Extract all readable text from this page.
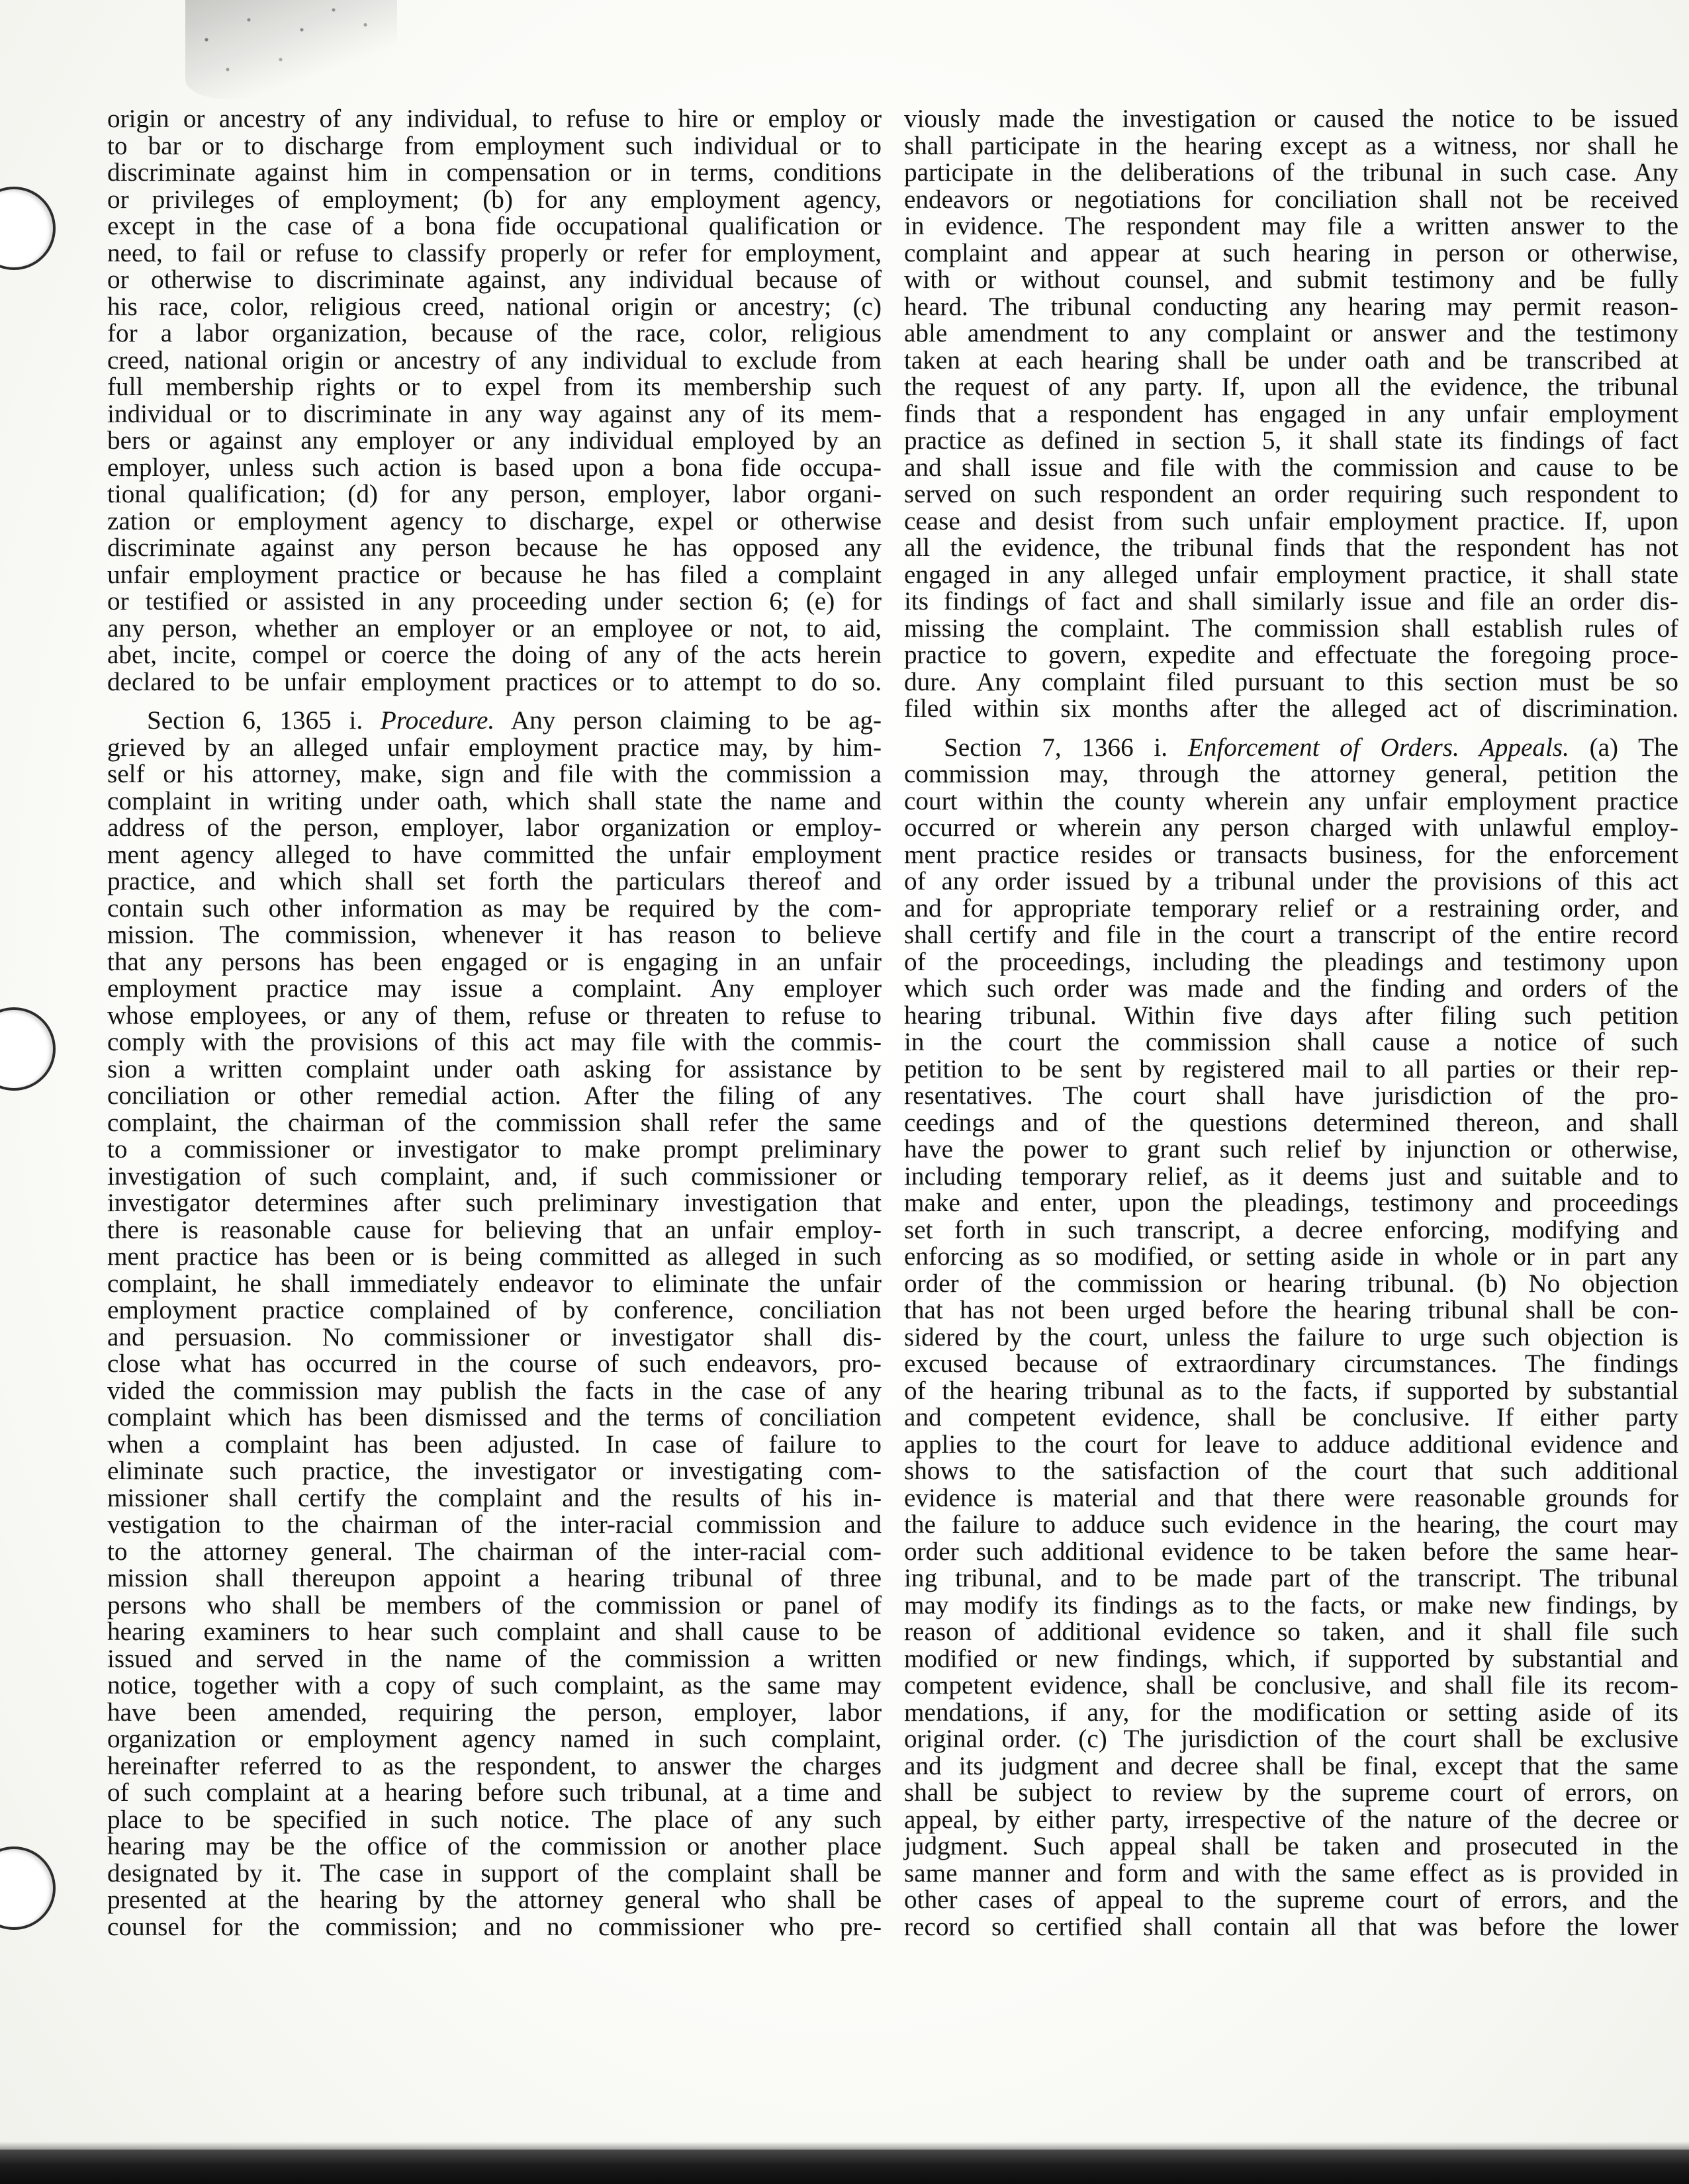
origin or ancestry of any individual, to refuse to hire or employ or
to bar or to discharge from employment such individual or to
discriminate against him in compensation or in terms, conditions
or privileges of employment; (b) for any employment agency,
except in the case of a bona fide occupational qualification or
need, to fail or refuse to classify properly or refer for employment,
or otherwise to discriminate against, any individual because of
his race, color, religious creed, national origin or ancestry; (c)
for a labor organization, because of the race, color, religious
creed, national origin or ancestry of any individual to exclude from
full membership rights or to expel from its membership such
individual or to discriminate in any way against any of its mem-
bers or against any employer or any individual employed by an
employer, unless such action is based upon a bona fide occupa-
tional qualification; (d) for any person, employer, labor organi-
zation or employment agency to discharge, expel or otherwise
discriminate against any person because he has opposed any
unfair employment practice or because he has filed a complaint
or testified or assisted in any proceeding under section 6; (e) for
any person, whether an employer or an employee or not, to aid,
abet, incite, compel or coerce the doing of any of the acts herein
declared to be unfair employment practices or to attempt to do so.
Section 6, 1365 i. Procedure. Any person claiming to be ag-
grieved by an alleged unfair employment practice may, by him-
self or his attorney, make, sign and file with the commission a
complaint in writing under oath, which shall state the name and
address of the person, employer, labor organization or employ-
ment agency alleged to have committed the unfair employment
practice, and which shall set forth the particulars thereof and
contain such other information as may be required by the com-
mission. The commission, whenever it has reason to believe
that any persons has been engaged or is engaging in an unfair
employment practice may issue a complaint. Any employer
whose employees, or any of them, refuse or threaten to refuse to
comply with the provisions of this act may file with the commis-
sion a written complaint under oath asking for assistance by
conciliation or other remedial action. After the filing of any
complaint, the chairman of the commission shall refer the same
to a commissioner or investigator to make prompt preliminary
investigation of such complaint, and, if such commissioner or
investigator determines after such preliminary investigation that
there is reasonable cause for believing that an unfair employ-
ment practice has been or is being committed as alleged in such
complaint, he shall immediately endeavor to eliminate the unfair
employment practice complained of by conference, conciliation
and persuasion. No commissioner or investigator shall dis-
close what has occurred in the course of such endeavors, pro-
vided the commission may publish the facts in the case of any
complaint which has been dismissed and the terms of conciliation
when a complaint has been adjusted. In case of failure to
eliminate such practice, the investigator or investigating com-
missioner shall certify the complaint and the results of his in-
vestigation to the chairman of the inter-racial commission and
to the attorney general. The chairman of the inter-racial com-
mission shall thereupon appoint a hearing tribunal of three
persons who shall be members of the commission or panel of
hearing examiners to hear such complaint and shall cause to be
issued and served in the name of the commission a written
notice, together with a copy of such complaint, as the same may
have been amended, requiring the person, employer, labor
organization or employment agency named in such complaint,
hereinafter referred to as the respondent, to answer the charges
of such complaint at a hearing before such tribunal, at a time and
place to be specified in such notice. The place of any such
hearing may be the office of the commission or another place
designated by it. The case in support of the complaint shall be
presented at the hearing by the attorney general who shall be
counsel for the commission; and no commissioner who pre-
viously made the investigation or caused the notice to be issued
shall participate in the hearing except as a witness, nor shall he
participate in the deliberations of the tribunal in such case. Any
endeavors or negotiations for conciliation shall not be received
in evidence. The respondent may file a written answer to the
complaint and appear at such hearing in person or otherwise,
with or without counsel, and submit testimony and be fully
heard. The tribunal conducting any hearing may permit reason-
able amendment to any complaint or answer and the testimony
taken at each hearing shall be under oath and be transcribed at
the request of any party. If, upon all the evidence, the tribunal
finds that a respondent has engaged in any unfair employment
practice as defined in section 5, it shall state its findings of fact
and shall issue and file with the commission and cause to be
served on such respondent an order requiring such respondent to
cease and desist from such unfair employment practice. If, upon
all the evidence, the tribunal finds that the respondent has not
engaged in any alleged unfair employment practice, it shall state
its findings of fact and shall similarly issue and file an order dis-
missing the complaint. The commission shall establish rules of
practice to govern, expedite and effectuate the foregoing proce-
dure. Any complaint filed pursuant to this section must be so
filed within six months after the alleged act of discrimination.
Section 7, 1366 i. Enforcement of Orders. Appeals. (a) The
commission may, through the attorney general, petition the
court within the county wherein any unfair employment practice
occurred or wherein any person charged with unlawful employ-
ment practice resides or transacts business, for the enforcement
of any order issued by a tribunal under the provisions of this act
and for appropriate temporary relief or a restraining order, and
shall certify and file in the court a transcript of the entire record
of the proceedings, including the pleadings and testimony upon
which such order was made and the finding and orders of the
hearing tribunal. Within five days after filing such petition
in the court the commission shall cause a notice of such
petition to be sent by registered mail to all parties or their rep-
resentatives. The court shall have jurisdiction of the pro-
ceedings and of the questions determined thereon, and shall
have the power to grant such relief by injunction or otherwise,
including temporary relief, as it deems just and suitable and to
make and enter, upon the pleadings, testimony and proceedings
set forth in such transcript, a decree enforcing, modifying and
enforcing as so modified, or setting aside in whole or in part any
order of the commission or hearing tribunal. (b) No objection
that has not been urged before the hearing tribunal shall be con-
sidered by the court, unless the failure to urge such objection is
excused because of extraordinary circumstances. The findings
of the hearing tribunal as to the facts, if supported by substantial
and competent evidence, shall be conclusive. If either party
applies to the court for leave to adduce additional evidence and
shows to the satisfaction of the court that such additional
evidence is material and that there were reasonable grounds for
the failure to adduce such evidence in the hearing, the court may
order such additional evidence to be taken before the same hear-
ing tribunal, and to be made part of the transcript. The tribunal
may modify its findings as to the facts, or make new findings, by
reason of additional evidence so taken, and it shall file such
modified or new findings, which, if supported by substantial and
competent evidence, shall be conclusive, and shall file its recom-
mendations, if any, for the modification or setting aside of its
original order. (c) The jurisdiction of the court shall be exclusive
and its judgment and decree shall be final, except that the same
shall be subject to review by the supreme court of errors, on
appeal, by either party, irrespective of the nature of the decree or
judgment. Such appeal shall be taken and prosecuted in the
same manner and form and with the same effect as is provided in
other cases of appeal to the supreme court of errors, and the
record so certified shall contain all that was before the lower
